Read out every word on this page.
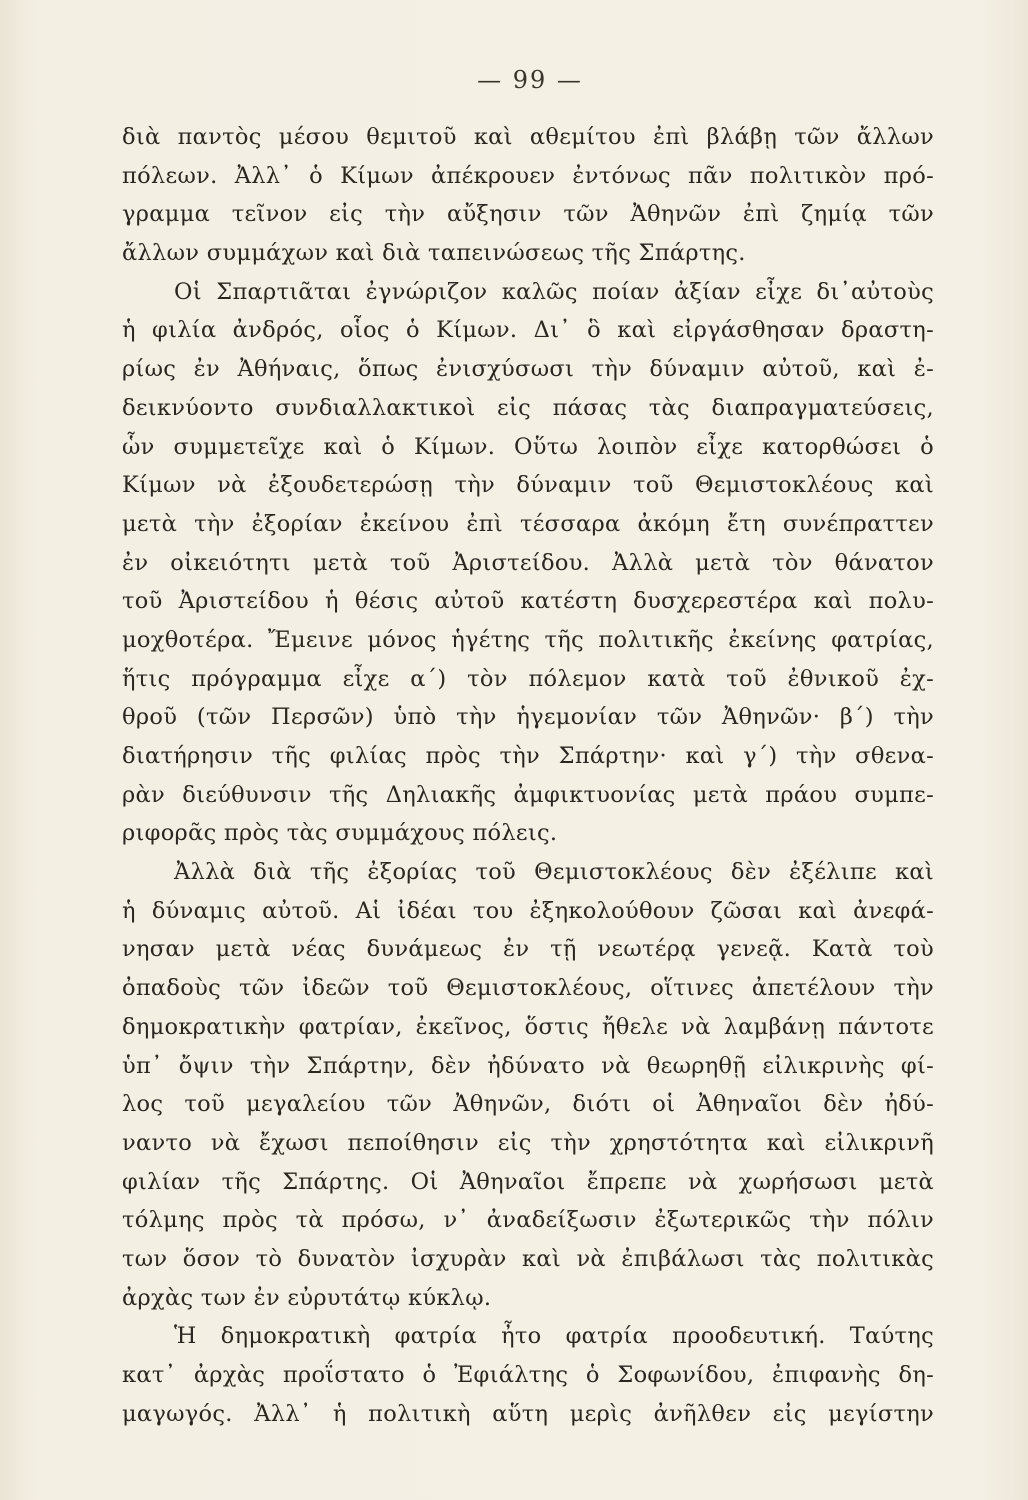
— 99 —
διὰ παντὸς μέσου θεμιτοῦ καὶ αθεμίτου ἐπὶ βλάβῃ τῶν ἄλλων
πόλεων. Ἀλλ᾽ ὁ Κίμων ἀπέκρουεν ἐντόνως πᾶν πολιτικὸν πρό-
γραμμα τεῖνον εἰς τὴν αὔξησιν τῶν Ἀθηνῶν ἐπὶ ζημίᾳ τῶν
ἄλλων συμμάχων καὶ διὰ ταπεινώσεως τῆς Σπάρτης.
Οἱ Σπαρτιᾶται ἐγνώριζον καλῶς ποίαν ἀξίαν εἶχε δι᾽αὐτοὺς
ἡ φιλία ἀνδρός, οἷος ὁ Κίμων. Δι᾽ ὃ καὶ εἰργάσθησαν δραστη-
ρίως ἐν Ἀθήναις, ὅπως ἐνισχύσωσι τὴν δύναμιν αὐτοῦ, καὶ ἐ-
δεικνύοντο συνδιαλλακτικοὶ εἰς πάσας τὰς διαπραγματεύσεις,
ὧν συμμετεῖχε καὶ ὁ Κίμων. Οὕτω λοιπὸν εἶχε κατορθώσει ὁ
Κίμων νὰ ἐξουδετερώσῃ τὴν δύναμιν τοῦ Θεμιστοκλέους καὶ
μετὰ τὴν ἐξορίαν ἐκείνου ἐπὶ τέσσαρα ἀκόμη ἔτη συνέπραττεν
ἐν οἰκειότητι μετὰ τοῦ Ἀριστείδου. Ἀλλὰ μετὰ τὸν θάνατον
τοῦ Ἀριστείδου ἡ θέσις αὐτοῦ κατέστη δυσχερεστέρα καὶ πολυ-
μοχθοτέρα. Ἔμεινε μόνος ἡγέτης τῆς πολιτικῆς ἐκείνης φατρίας,
ἥτις πρόγραμμα εἶχε α´) τὸν πόλεμον κατὰ τοῦ ἐθνικοῦ ἐχ-
θροῦ (τῶν Περσῶν) ὑπὸ τὴν ἡγεμονίαν τῶν Ἀθηνῶν· β´) τὴν
διατήρησιν τῆς φιλίας πρὸς τὴν Σπάρτην· καὶ γ´) τὴν σθενα-
ρὰν διεύθυνσιν τῆς Δηλιακῆς ἀμφικτυονίας μετὰ πράου συμπε-
ριφορᾶς πρὸς τὰς συμμάχους πόλεις.
Ἀλλὰ διὰ τῆς ἐξορίας τοῦ Θεμιστοκλέους δὲν ἐξέλιπε καὶ
ἡ δύναμις αὐτοῦ. Αἱ ἰδέαι του ἐξηκολούθουν ζῶσαι καὶ ἀνεφά-
νησαν μετὰ νέας δυνάμεως ἐν τῇ νεωτέρᾳ γενεᾷ. Κατὰ τοὺ
ὀπαδοὺς τῶν ἰδεῶν τοῦ Θεμιστοκλέους, οἵτινες ἀπετέλουν τὴν
δημοκρατικὴν φατρίαν, ἐκεῖνος, ὅστις ἤθελε νὰ λαμβάνῃ πάντοτε
ὑπ᾽ ὄψιν τὴν Σπάρτην, δὲν ἠδύνατο νὰ θεωρηθῇ εἰλικρινὴς φί-
λος τοῦ μεγαλείου τῶν Ἀθηνῶν, διότι οἱ Ἀθηναῖοι δὲν ἠδύ-
ναντο νὰ ἔχωσι πεποίθησιν εἰς τὴν χρηστότητα καὶ εἰλικρινῆ
φιλίαν τῆς Σπάρτης. Οἱ Ἀθηναῖοι ἔπρεπε νὰ χωρήσωσι μετὰ
τόλμης πρὸς τὰ πρόσω, ν᾽ ἀναδείξωσιν ἐξωτερικῶς τὴν πόλιν
των ὅσον τὸ δυνατὸν ἰσχυρὰν καὶ νὰ ἐπιβάλωσι τὰς πολιτικὰς
ἀρχὰς των ἐν εὐρυτάτῳ κύκλῳ.
Ἡ δημοκρατικὴ φατρία ἦτο φατρία προοδευτική. Ταύτης
κατ᾽ ἀρχὰς προΐστατο ὁ Ἐφιάλτης ὁ Σοφωνίδου, ἐπιφανὴς δη-
μαγωγός. Ἀλλ᾽ ἡ πολιτικὴ αὕτη μερὶς ἀνῆλθεν εἰς μεγίστην
